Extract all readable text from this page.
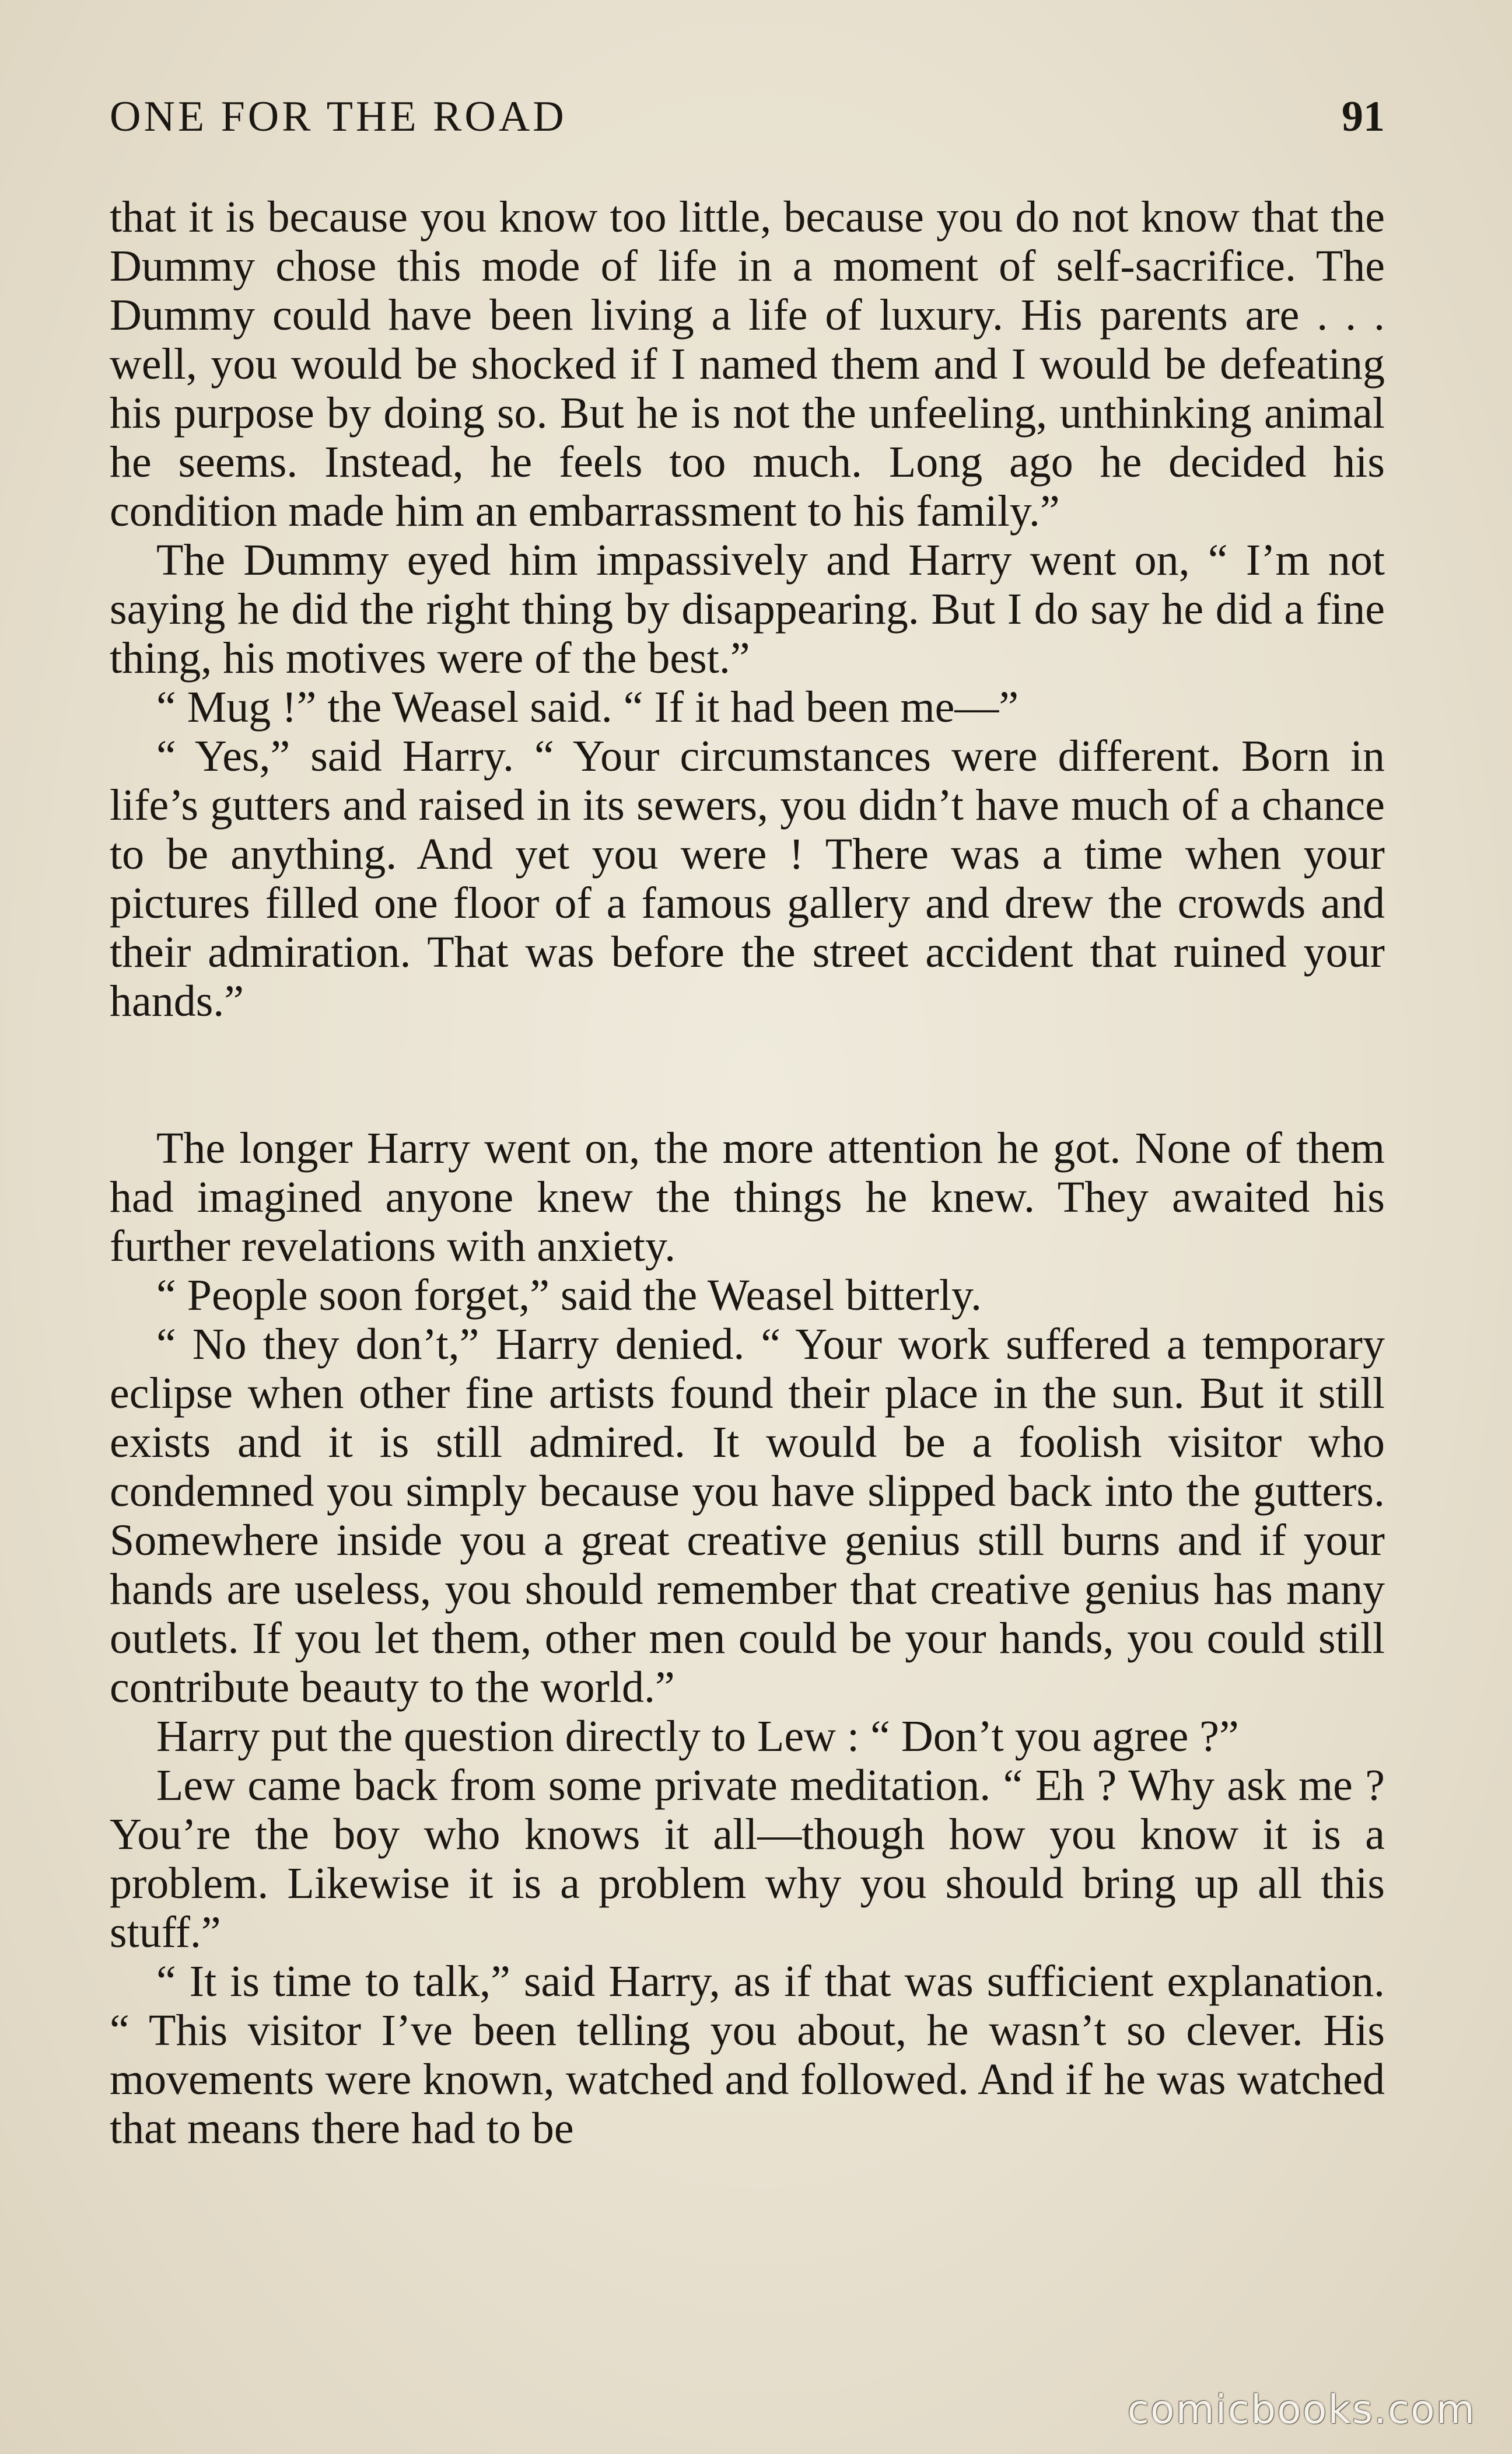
ONE FOR THE ROAD	91

that it is because you know too little, because you do not know that the Dummy chose this mode of life in a moment of self-sacrifice. The Dummy could have been living a life of luxury. His parents are . . . well, you would be shocked if I named them and I would be defeating his purpose by doing so. But he is not the unfeeling, unthinking animal he seems. Instead, he feels too much. Long ago he decided his condition made him an embarrassment to his family.”

The Dummy eyed him impassively and Harry went on, “ I’m not saying he did the right thing by disappearing. But I do say he did a fine thing, his motives were of the best.”

“ Mug !” the Weasel said. “ If it had been me—”

“ Yes,” said Harry. “ Your circumstances were different. Born in life’s gutters and raised in its sewers, you didn’t have much of a chance to be anything. And yet you were ! There was a time when your pictures filled one floor of a famous gallery and drew the crowds and their admiration. That was before the street accident that ruined your hands.”

The longer Harry went on, the more attention he got. None of them had imagined anyone knew the things he knew. They awaited his further revelations with anxiety.

“ People soon forget,” said the Weasel bitterly.

“ No they don’t,” Harry denied. “ Your work suffered a temporary eclipse when other fine artists found their place in the sun. But it still exists and it is still admired. It would be a foolish visitor who condemned you simply because you have slipped back into the gutters. Somewhere inside you a great creative genius still burns and if your hands are useless, you should remember that creative genius has many outlets. If you let them, other men could be your hands, you could still contribute beauty to the world.”

Harry put the question directly to Lew : “ Don’t you agree ?”

Lew came back from some private meditation. “ Eh ? Why ask me ? You’re the boy who knows it all—though how you know it is a problem. Likewise it is a problem why you should bring up all this stuff.”

“ It is time to talk,” said Harry, as if that was sufficient explanation. “ This visitor I’ve been telling you about, he wasn’t so clever. His movements were known, watched and followed. And if he was watched that means there had to be

comicbooks.com
